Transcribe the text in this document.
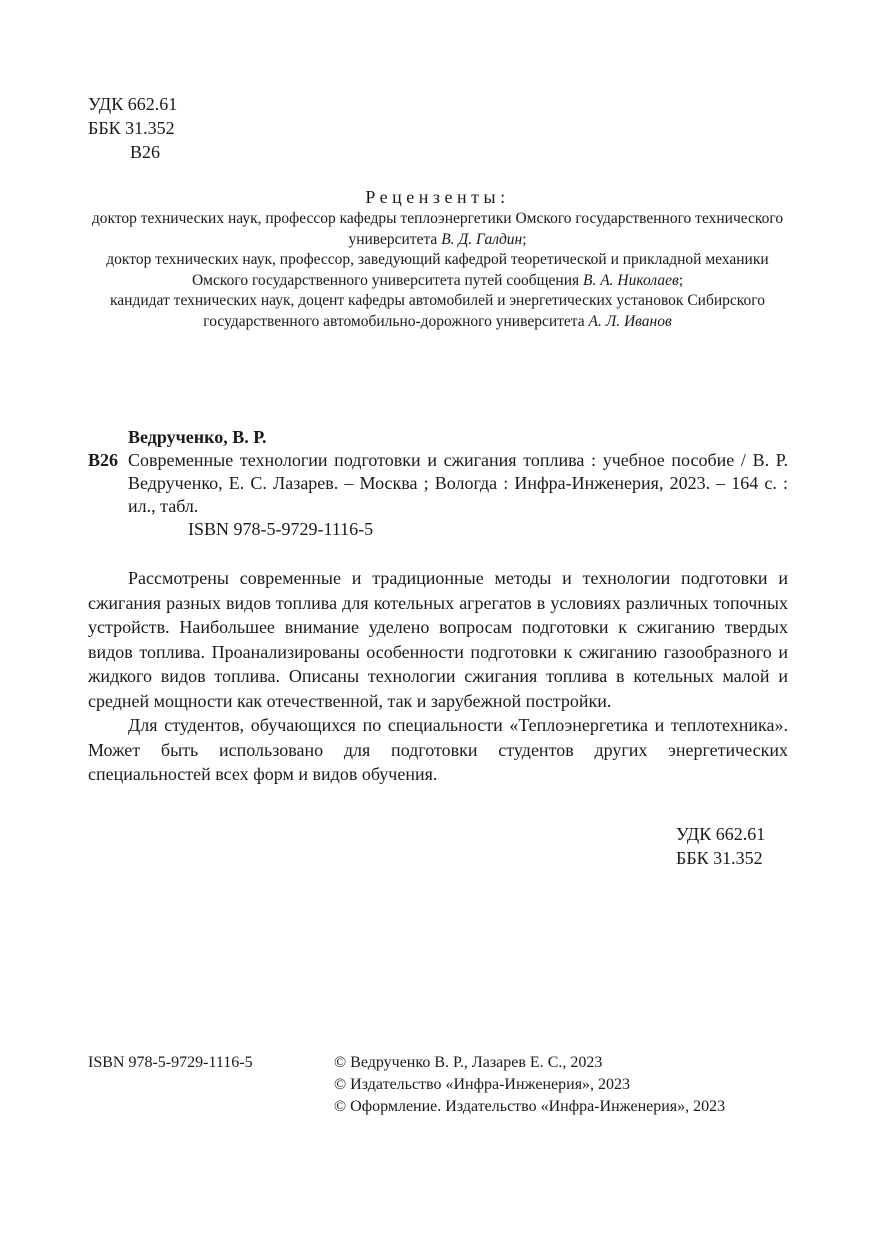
УДК 662.61
ББК 31.352
В26
Рецензенты:
доктор технических наук, профессор кафедры теплоэнергетики Омского государственного технического университета В. Д. Галдин;
доктор технических наук, профессор, заведующий кафедрой теоретической и прикладной механики Омского государственного университета путей сообщения В. А. Николаев;
кандидат технических наук, доцент кафедры автомобилей и энергетических установок Сибирского государственного автомобильно-дорожного университета А. Л. Иванов
Ведрученко, В. Р.
В26 Современные технологии подготовки и сжигания топлива : учебное пособие / В. Р. Ведрученко, Е. С. Лазарев. – Москва ; Вологда : Инфра-Инженерия, 2023. – 164 с. : ил., табл.
ISBN 978-5-9729-1116-5

Рассмотрены современные и традиционные методы и технологии подготовки и сжигания разных видов топлива для котельных агрегатов в условиях различных топочных устройств. Наибольшее внимание уделено вопросам подготовки к сжиганию твердых видов топлива. Проанализированы особенности подготовки к сжиганию газообразного и жидкого видов топлива. Описаны технологии сжигания топлива в котельных малой и средней мощности как отечественной, так и зарубежной постройки.

Для студентов, обучающихся по специальности «Теплоэнергетика и теплотехника». Может быть использовано для подготовки студентов других энергетических специальностей всех форм и видов обучения.

УДК 662.61
ББК 31.352
ISBN 978-5-9729-1116-5	© Ведрученко В. Р., Лазарев Е. С., 2023
© Издательство «Инфра-Инженерия», 2023
© Оформление. Издательство «Инфра-Инженерия», 2023
